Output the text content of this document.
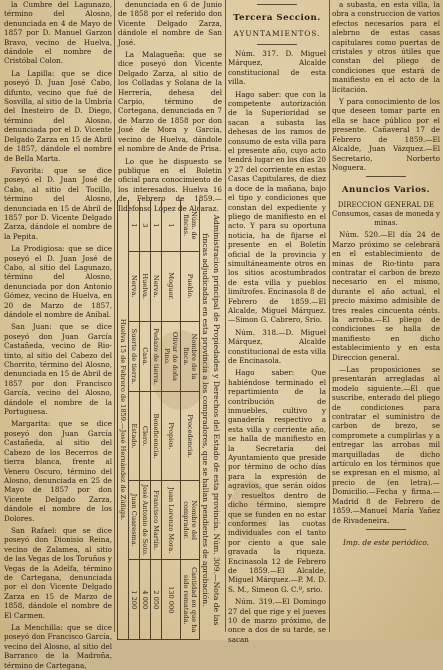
la Cumbre del Lagunazo, término del Alosno, denunciada en 4 de Mayo de 1857 por D. Manuel Garzon Bravo, vecino de Huelva, dándole el nombre de Cristóbal Colon.

La Lapilla: que se dice poseyó D. Juan José Cabo, difunto, vecino que fué de Sosvilla, al sitio de la Umbría del Inesteiro de D. Diego, término del Alosno, denunciada por el D. Vicente Delgado Zarza en 15 de Abril de 1857, dándole el nombre de Bella Marta.

Favorita: que se dice poseyó el D. Juan José de Cabo, al sitio del Tocillo, término del Alosno, denunciada en 15 de Abril de 1857 por D. Vicente Delgado Zarza, dándole el nombre de la Pepita.

La Prodigiosa: que se dice poseyó el D. Juan José de Cabo, al sitio del Lagunazo, término del Alosno, denunciada por don Antonio Gómez, vecino de Huelva, en 20 de Marzo de 1857, dándole el nombre de Aníbal.

San Juan: que se dice poseyó don Juan García Castañeda, vecino de Rio-tinto, al sitio del Cabezo del Chorrito, término del Alosno, denunciada en 15 de Abril de 1857 por don Francisco García, vecino del Alosno, dándole el nombre de la Portuguesa.

Margarita: que se dice poseyó don Juan García Castañeda, al sitio del Cabezo de los Becerros de tierra blanca, frente al Venero Oscuro, término del Alosno, denunciada en 25 de Mayo de 1857 por don Vicente Delgado Zarza, dándole el nombre de los Dolores.

San Rafael: que se dice poseyó don Dionisio Reina, vecino de Zalamea, al sitio de las Vegas de los Toruños y Vegas de la Adelfa, término de Cartegana, denunciada por el don Vicente Delgado Zarza en 15 de Marzo de 1858, dándole el nombre de El Carmen.

La Menchilla: que se dice poseyó don Francisco García, vecino del Alosno, al sitio del Barranco de la Madroña, término de Cartegana,

denunciada en 6 de Junio de 1858 por el referido don Vicente Delgado Zarza, dándole el nombre de San José.

La Malagueña: que se dice poseyó don Vicente Delgado Zarza, al sitio de los Colladas y Solana de la Herrería, dehesa del Carpio, término de Cortegana, denunciada en 7 de Marzo de 1858 por don José de Mora y García, vecino de Huelva, dándole el nombre de Ande de Prisa.

Lo que he dispuesto se publique en el Boletin oficial para conocimiento de los interesados. Huelva 16 de Febrero de 1859.—Ildefonso López de Alcaraz.

Administracion principal de Propiedades y Derechos del Estado de esta provincia. Núm. 309.—Nota de las fincas adjudicadas en esta provincia a los compradores, que se hallan pendientes de aprobación.
Núm. de fincas.
Pueblo.
Nombre de la finca.
Procedencia.
Nombre del comprador.
Cantidad en que ha sido rematada.
1
Moguer.
Olivar de doña Pino.
Propios.
Juan Lorenzo Mora.
130 000
1
Nerva.
Pedazo de tierra.
Beneficencia.
Francisco Martín.
2 050
3
Huelva.
Casa.
Clero.
José Antonio de Soto.
4 000
1
Nerva.
Suerte de tierra.
Estado.
Juan Cuaresma.
1 200
Huelva 15 de Febrero de 1859.—José Hernández de Zúñiga.
Tercera Seccion.
AYUNTAMIENTOS.

Núm. 317. D. Miguel Márquez, Alcalde constitucional de esta villa.

Hago saber: que con la competente autorización de la Superioridad se sacan a subasta las dehesas de los ramos de consumo de esta villa para el presente año, cuyo acto tendrá lugar en los días 20 y 27 del corriente en estas Casas Capitulares, de diez a doce de la mañana, bajo el tipo y condiciones que constan del expediente y pliego de manifiesto en el acto. Y para su oportuna noticia, ha de fijarse el presente en el Boletín oficial de la provincia y simultáneamente otros en los sitios acostumbrados de esta villa y pueblos limítrofes. Encinasola 8 de Febrero de 1859.—El Alcalde, Miguel Márquez.—Simon G. Cabrero, Srio.

Núm. 318.—D. Miguel Márquez, Alcalde constitucional de esta villa de Encinasola.

Hago saber: Que habiéndose terminado el repartimiento de la contribución de inmuebles, cultivo y ganadería respectivo a esta villa y corriente año, se halla de manifiesto en la Secretaría del Ayuntamiento que preside por término de ocho días para la expresión de agravios, que serán oídos y resueltos dentro de dicho término, siempre que se funden en no estar conformes las cuotas individuales con el tanto por ciento a que sale gravada la riqueza. Encinasola 12 de Febrero de 1859.—El Alcalde, Miguel Márquez.—P. M. D. S. M., Simeon G. C.º, srio.

Núm. 319.—El Domingo 27 del que rige y el jueves 10 de marzo próximo, de once a dos de su tarde, se sacan

a subasta, en esta villa, la obra a construccion de varios efectos necesarios para el alebrno de estas casas capitulares como puertas de cristales y otros útiles que constan del pliego de condiciones que estará de manifiesto en el acto de la licitación.

Y para conocimiento de los que deseen tomar parte en ella se hace público por el presente. Cañaveral 17 de Febrero de 1859.—El Alcalde, Juan Vázquez.—El Secretario, Norberto Noguera.

Anuncios Varios.
DIRECCION GENERAL DE Consumos, casas de moneda y minas.

Núm. 520.—El día 24 de Marzo próximo se celebrará en el establecimiento de minas de Rio-tinto para contratar el carbon de brezo necesario en el mismo, durante el año actual, el precio máximo admisible de tres reales cincuenta cénts. la arroba.—El pliego de condiciones se halla de manifiesto en dicho establecimiento y en esta Direccion general.

—Las proposiciones se presentarán arregladas al modelo siguiente.—El que suscribe, enterado del pliego de condiciones para contratar el suministro de carbon de brezo, se compromete a cumplirlas y a entregar las arrobas mil marquilladas de dicho artículo en los términos que se expresan en el mismo, al precio de (en letra).—Domicilio.—Fecha y firma.—Madrid 8 de Febrero de 1859.—Manuel María Yañez de Rivadeneira.

Imp. de este periódico.
